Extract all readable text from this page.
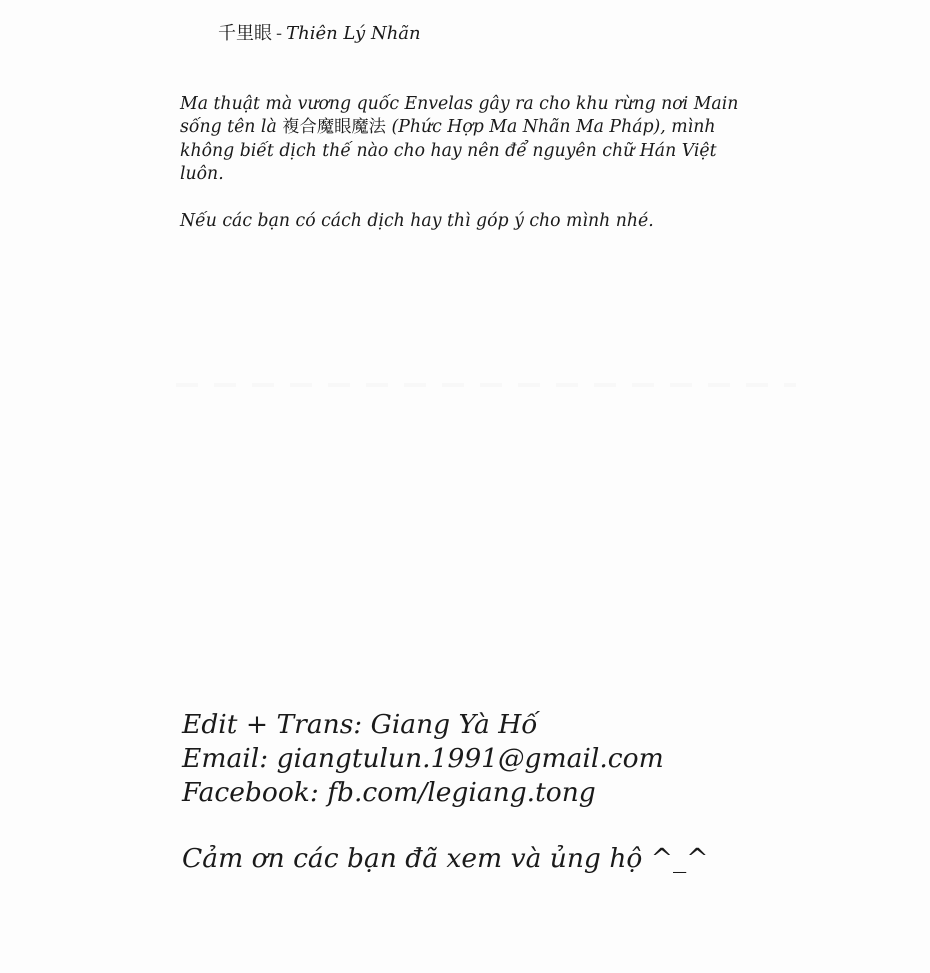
千里眼 - Thiên Lý Nhãn

Ma thuật mà vương quốc Envelas gây ra cho khu rừng nơi Main
sống tên là 複合魔眼魔法 (Phức Hợp Ma Nhãn Ma Pháp), mình
không biết dịch thế nào cho hay nên để nguyên chữ Hán Việt
luôn.

Nếu các bạn có cách dịch hay thì góp ý cho mình nhé.

Edit + Trans: Giang Yà Hố
Email: giangtulun.1991@gmail.com
Facebook: fb.com/legiang.tong
Cảm ơn các bạn đã xem và ủng hộ ^_^
